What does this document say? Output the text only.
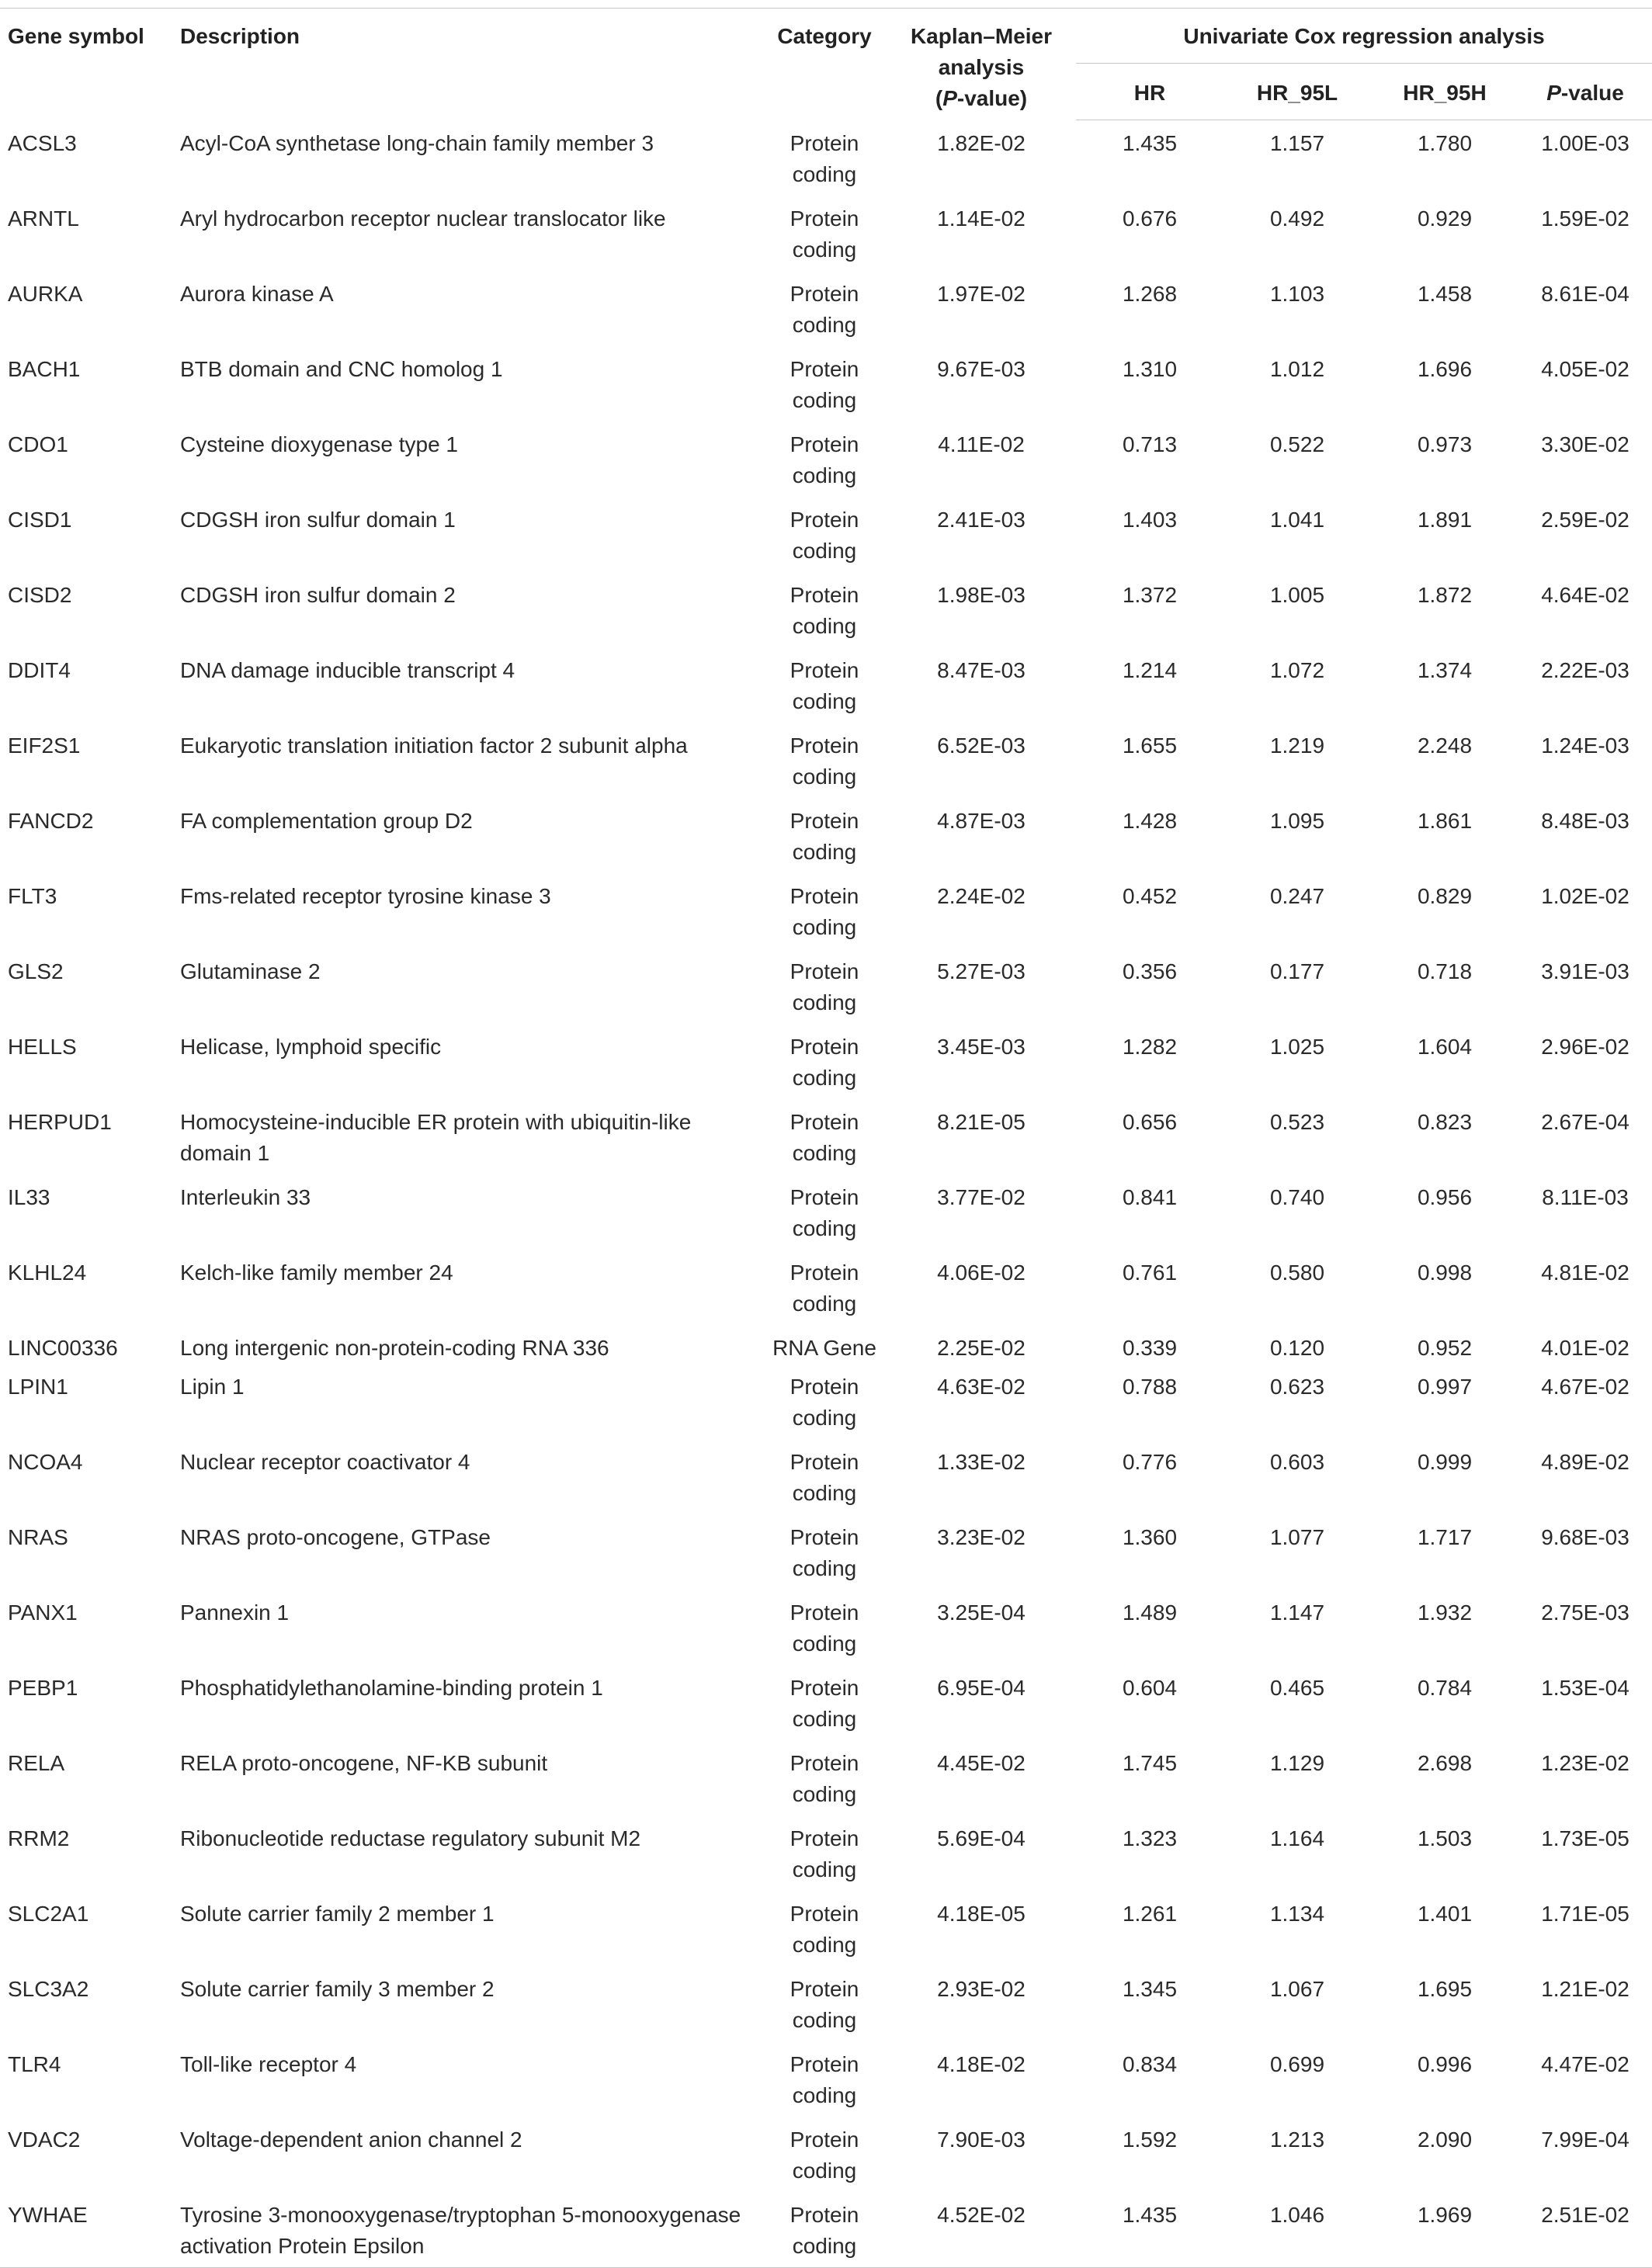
Gene symbol	Description	Category	Kaplan–Meier
analysis
(P-value)	Univariate Cox regression analysis			
				HR	HR_95L	HR_95H	P-value
ACSL3	Acyl-CoA synthetase long-chain family member 3	Protein coding	1.82E-02	1.435	1.157	1.780	1.00E-03
ARNTL	Aryl hydrocarbon receptor nuclear translocator like	Protein coding	1.14E-02	0.676	0.492	0.929	1.59E-02
AURKA	Aurora kinase A	Protein coding	1.97E-02	1.268	1.103	1.458	8.61E-04
BACH1	BTB domain and CNC homolog 1	Protein coding	9.67E-03	1.310	1.012	1.696	4.05E-02
CDO1	Cysteine dioxygenase type 1	Protein coding	4.11E-02	0.713	0.522	0.973	3.30E-02
CISD1	CDGSH iron sulfur domain 1	Protein coding	2.41E-03	1.403	1.041	1.891	2.59E-02
CISD2	CDGSH iron sulfur domain 2	Protein coding	1.98E-03	1.372	1.005	1.872	4.64E-02
DDIT4	DNA damage inducible transcript 4	Protein coding	8.47E-03	1.214	1.072	1.374	2.22E-03
EIF2S1	Eukaryotic translation initiation factor 2 subunit alpha	Protein coding	6.52E-03	1.655	1.219	2.248	1.24E-03
FANCD2	FA complementation group D2	Protein coding	4.87E-03	1.428	1.095	1.861	8.48E-03
FLT3	Fms-related receptor tyrosine kinase 3	Protein coding	2.24E-02	0.452	0.247	0.829	1.02E-02
GLS2	Glutaminase 2	Protein coding	5.27E-03	0.356	0.177	0.718	3.91E-03
HELLS	Helicase, lymphoid specific	Protein coding	3.45E-03	1.282	1.025	1.604	2.96E-02
HERPUD1	Homocysteine-inducible ER protein with ubiquitin-like domain 1	Protein coding	8.21E-05	0.656	0.523	0.823	2.67E-04
IL33	Interleukin 33	Protein coding	3.77E-02	0.841	0.740	0.956	8.11E-03
KLHL24	Kelch-like family member 24	Protein coding	4.06E-02	0.761	0.580	0.998	4.81E-02
LINC00336	Long intergenic non-protein-coding RNA 336	RNA Gene	2.25E-02	0.339	0.120	0.952	4.01E-02
LPIN1	Lipin 1	Protein coding	4.63E-02	0.788	0.623	0.997	4.67E-02
NCOA4	Nuclear receptor coactivator 4	Protein coding	1.33E-02	0.776	0.603	0.999	4.89E-02
NRAS	NRAS proto-oncogene, GTPase	Protein coding	3.23E-02	1.360	1.077	1.717	9.68E-03
PANX1	Pannexin 1	Protein coding	3.25E-04	1.489	1.147	1.932	2.75E-03
PEBP1	Phosphatidylethanolamine-binding protein 1	Protein coding	6.95E-04	0.604	0.465	0.784	1.53E-04
RELA	RELA proto-oncogene, NF-KB subunit	Protein coding	4.45E-02	1.745	1.129	2.698	1.23E-02
RRM2	Ribonucleotide reductase regulatory subunit M2	Protein coding	5.69E-04	1.323	1.164	1.503	1.73E-05
SLC2A1	Solute carrier family 2 member 1	Protein coding	4.18E-05	1.261	1.134	1.401	1.71E-05
SLC3A2	Solute carrier family 3 member 2	Protein coding	2.93E-02	1.345	1.067	1.695	1.21E-02
TLR4	Toll-like receptor 4	Protein coding	4.18E-02	0.834	0.699	0.996	4.47E-02
VDAC2	Voltage-dependent anion channel 2	Protein coding	7.90E-03	1.592	1.213	2.090	7.99E-04
YWHAE	Tyrosine 3-monooxygenase/tryptophan 5-monooxygenase activation Protein Epsilon	Protein coding	4.52E-02	1.435	1.046	1.969	2.51E-02
